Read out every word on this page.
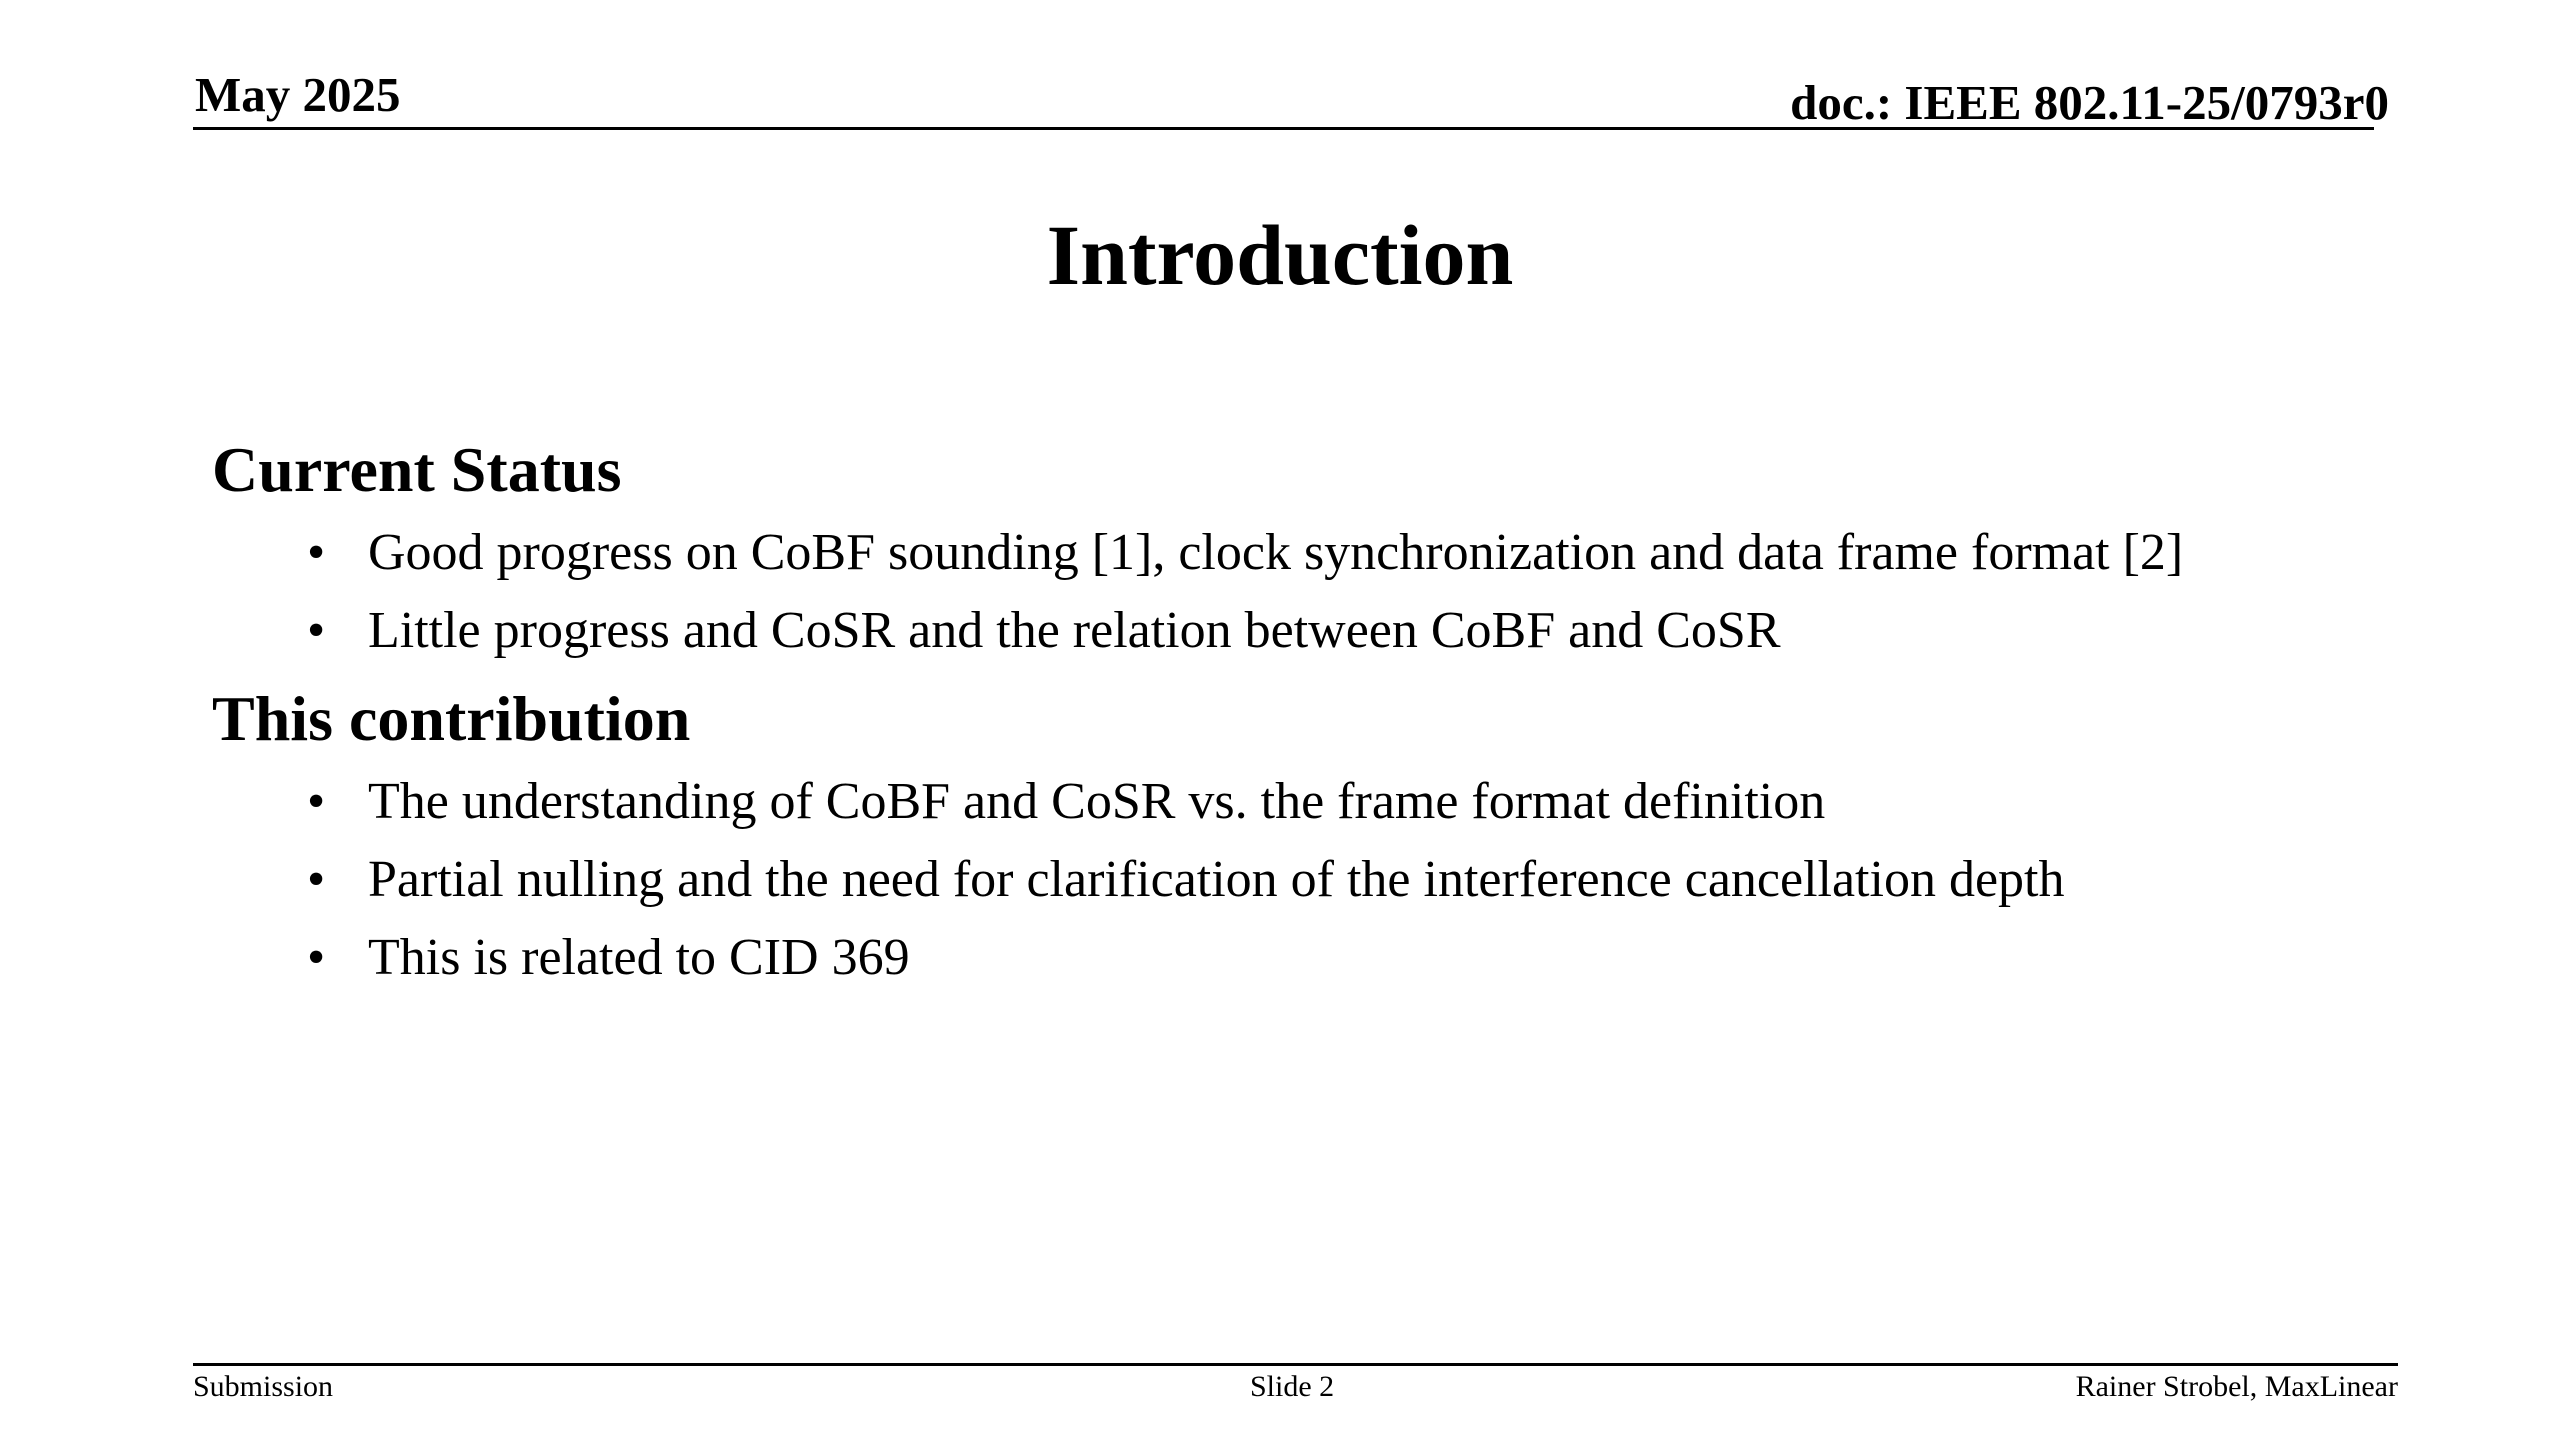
May 2025	doc.: IEEE 802.11-25/0793r0
Introduction
Current Status
• Good progress on CoBF sounding [1], clock synchronization and data frame format [2]
• Little progress and CoSR and the relation between CoBF and CoSR
This contribution
• The understanding of CoBF and CoSR vs. the frame format definition
• Partial nulling and the need for clarification of the interference cancellation depth
• This is related to CID 369
Submission	Slide 2	Rainer Strobel, MaxLinear
